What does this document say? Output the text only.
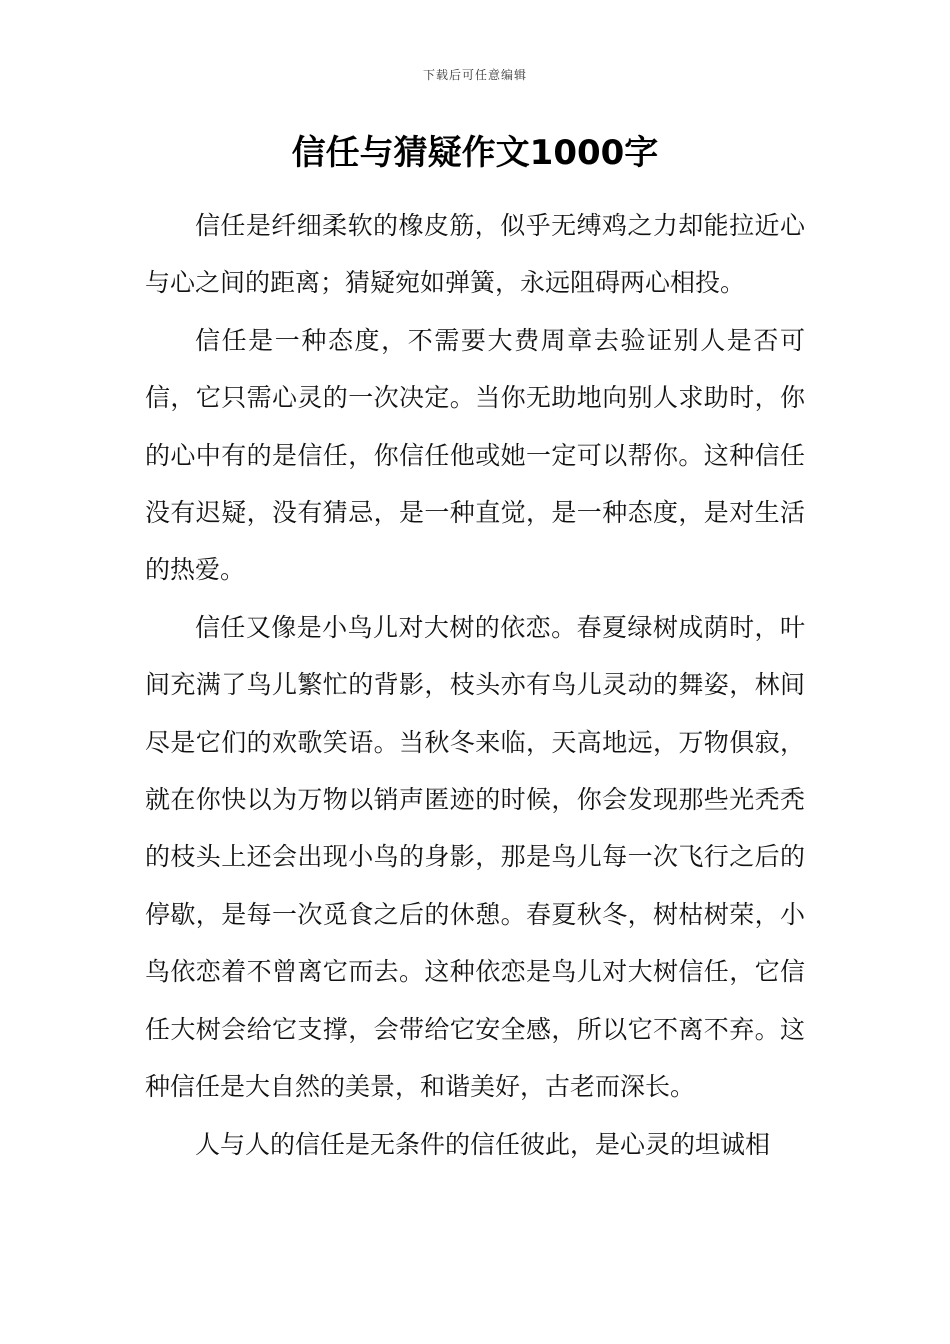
下载后可任意编辑
信任与猜疑作文1000字

信任是纤细柔软的橡皮筋，似乎无缚鸡之力却能拉近心与心之间的距离；猜疑宛如弹簧，永远阻碍两心相投。

信任是一种态度，不需要大费周章去验证别人是否可信，它只需心灵的一次决定。当你无助地向别人求助时，你的心中有的是信任，你信任他或她一定可以帮你。这种信任没有迟疑，没有猜忌，是一种直觉，是一种态度，是对生活的热爱。

信任又像是小鸟儿对大树的依恋。春夏绿树成荫时，叶间充满了鸟儿繁忙的背影，枝头亦有鸟儿灵动的舞姿，林间尽是它们的欢歌笑语。当秋冬来临，天高地远，万物俱寂，就在你快以为万物以销声匿迹的时候，你会发现那些光秃秃的枝头上还会出现小鸟的身影，那是鸟儿每一次飞行之后的停歇，是每一次觅食之后的休憩。春夏秋冬，树枯树荣，小鸟依恋着不曾离它而去。这种依恋是鸟儿对大树信任，它信任大树会给它支撑，会带给它安全感，所以它不离不弃。这种信任是大自然的美景，和谐美好，古老而深长。

人与人的信任是无条件的信任彼此，是心灵的坦诚相
